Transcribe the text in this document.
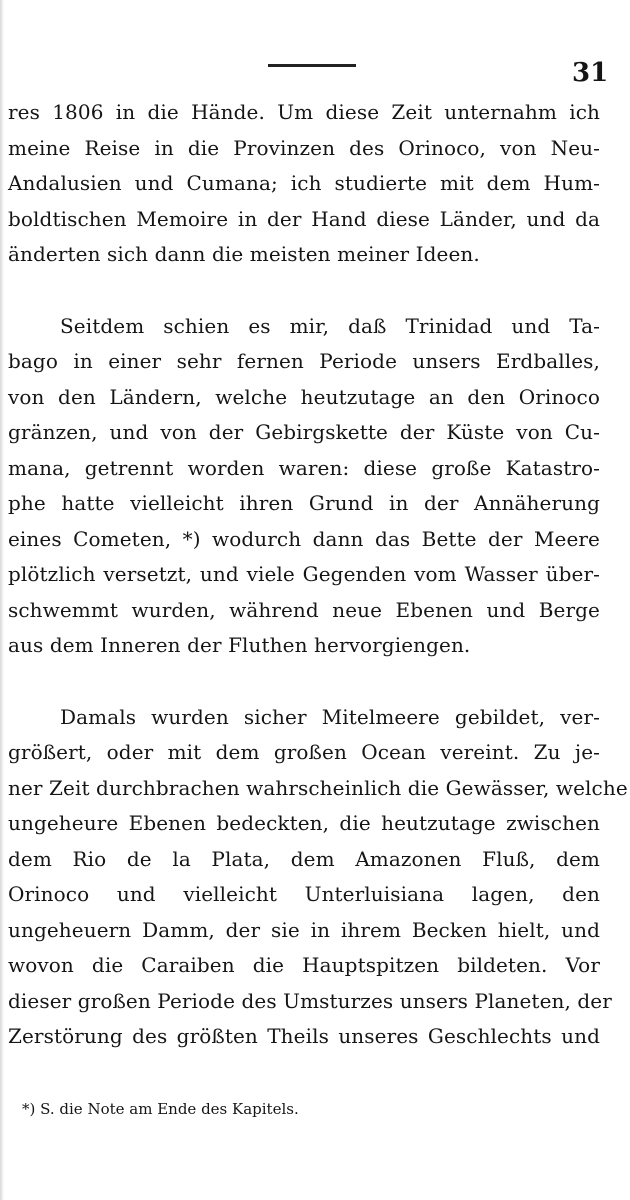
31
res 1806 in die Hände. Um diese Zeit unternahm ich
meine Reise in die Provinzen des Orinoco, von Neu-
Andalusien und Cumana; ich studierte mit dem Hum-
boldtischen Memoire in der Hand diese Länder, und da
änderten sich dann die meisten meiner Ideen.
Seitdem schien es mir, daß Trinidad und Ta-
bago in einer sehr fernen Periode unsers Erdballes,
von den Ländern, welche heutzutage an den Orinoco
gränzen, und von der Gebirgskette der Küste von Cu-
mana, getrennt worden waren: diese große Katastro-
phe hatte vielleicht ihren Grund in der Annäherung
eines Cometen, *) wodurch dann das Bette der Meere
plötzlich versetzt, und viele Gegenden vom Wasser über-
schwemmt wurden, während neue Ebenen und Berge
aus dem Inneren der Fluthen hervorgiengen.
Damals wurden sicher Mitelmeere gebildet, ver-
größert, oder mit dem großen Ocean vereint. Zu je-
ner Zeit durchbrachen wahrscheinlich die Gewässer, welche
ungeheure Ebenen bedeckten, die heutzutage zwischen
dem Rio de la Plata, dem Amazonen Fluß, dem
Orinoco und vielleicht Unterluisiana lagen, den
ungeheuern Damm, der sie in ihrem Becken hielt, und
wovon die Caraiben die Hauptspitzen bildeten. Vor
dieser großen Periode des Umsturzes unsers Planeten, der
Zerstörung des größten Theils unseres Geschlechts und
*) S. die Note am Ende des Kapitels.
